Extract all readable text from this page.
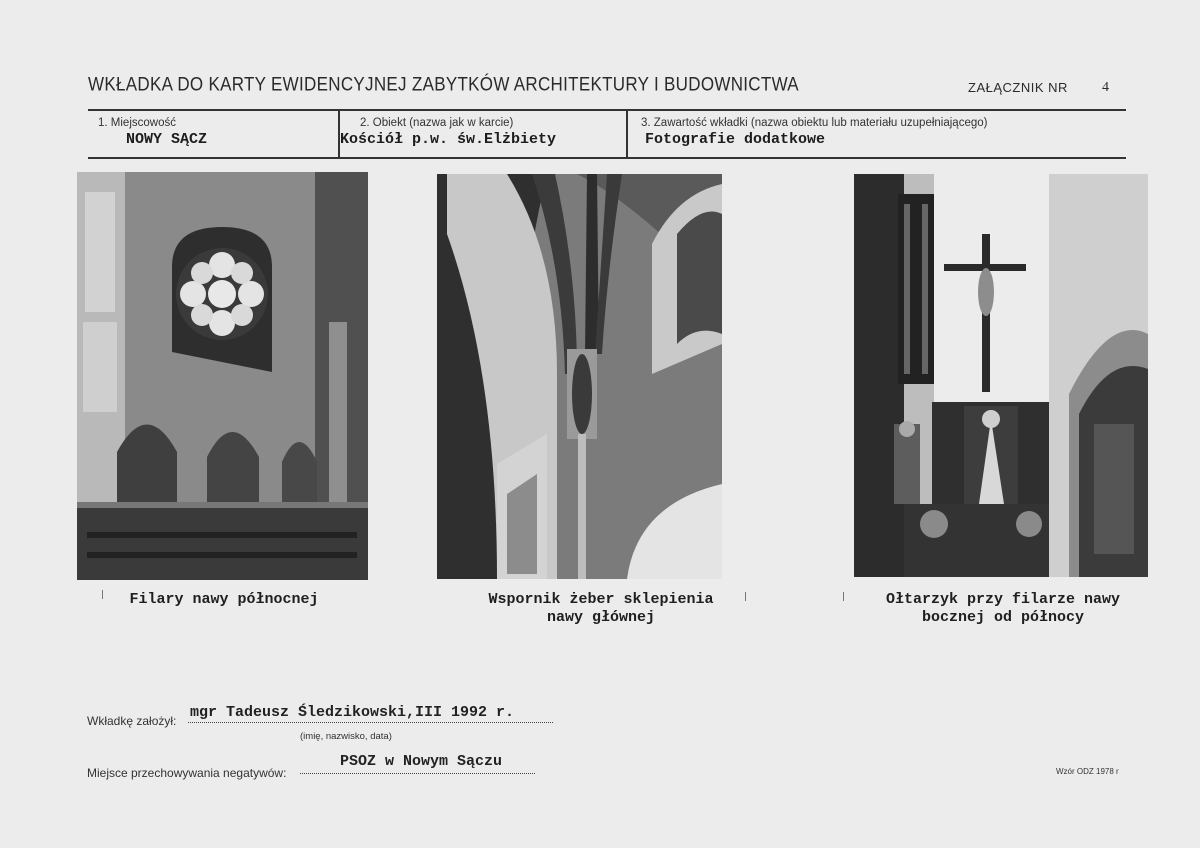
WKŁADKA DO KARTY EWIDENCYJNEJ ZABYTKÓW ARCHITEKTURY I BUDOWNICTWA	ZAŁĄCZNIK NR 4
1. Miejscowość
NOWY SĄCZ
2. Obiekt (nazwa jak w karcie)
Kościół p.w. św.Elżbiety
3. Zawartość wkładki (nazwa obiektu lub materiału uzupełniającego)
Fotografie dodatkowe
Filary nawy północnej	Wspornik żeber sklepienia
nawy głównej
Ołtarzyk przy filarze nawy
bocznej od północy
Wkładkę założył: mgr Tadeusz Śledzikowski,III 1992 r.
(imię, nazwisko, data)
Miejsce przechowywania negatywów:
PSOZ w Nowym Sączu
Wzór ODZ 1978 r
